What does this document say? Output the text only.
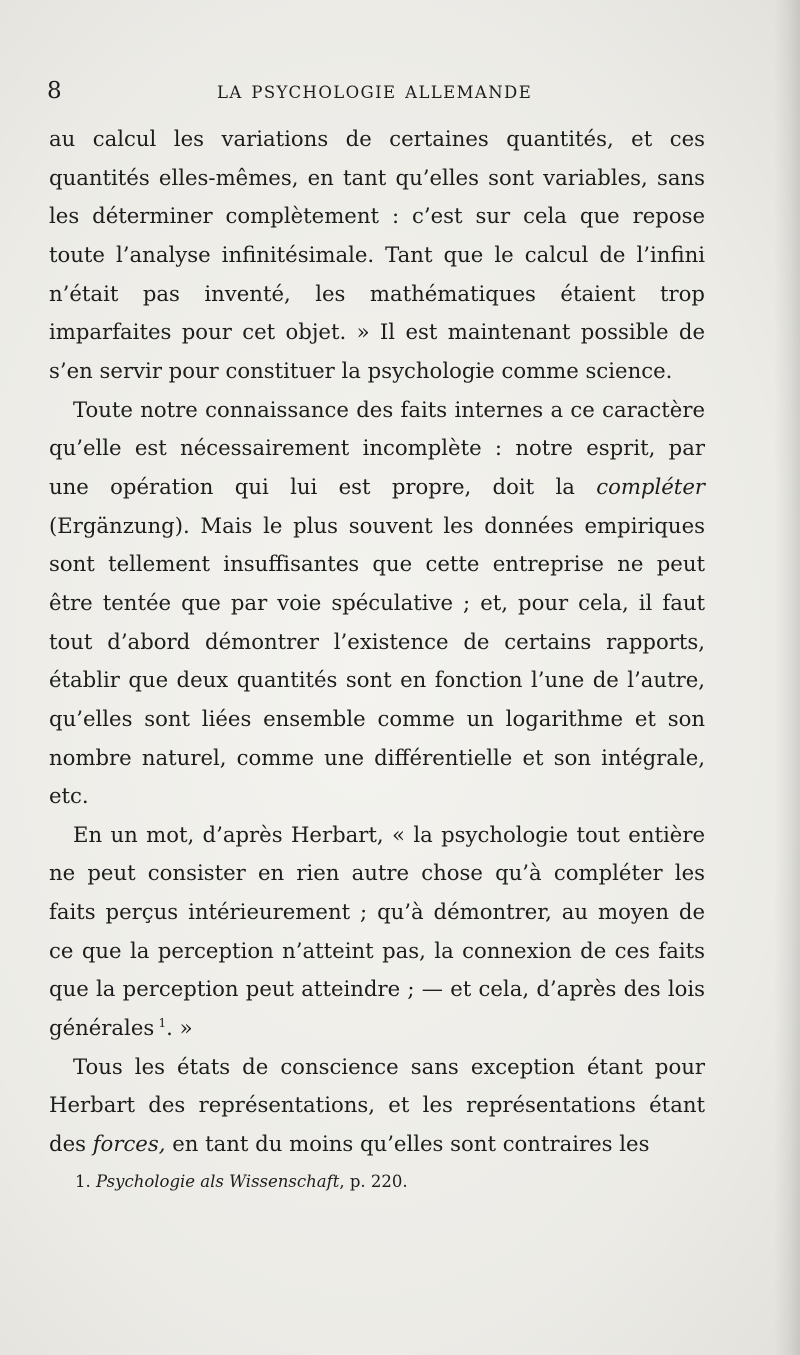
8	LA PSYCHOLOGIE ALLEMANDE

au calcul les variations de certaines quantités, et ces quantités elles-mêmes, en tant qu’elles sont variables, sans les déterminer complètement : c’est sur cela que repose toute l’analyse infinitésimale. Tant que le calcul de l’infini n’était pas inventé, les mathématiques étaient trop imparfaites pour cet objet. » Il est maintenant possible de s’en servir pour constituer la psychologie comme science.

Toute notre connaissance des faits internes a ce caractère qu’elle est nécessairement incomplète : notre esprit, par une opération qui lui est propre, doit la compléter (Ergänzung). Mais le plus souvent les données empiriques sont tellement insuffisantes que cette entreprise ne peut être tentée que par voie spéculative ; et, pour cela, il faut tout d’abord démontrer l’existence de certains rapports, établir que deux quantités sont en fonction l’une de l’autre, qu’elles sont liées ensemble comme un logarithme et son nombre naturel, comme une différentielle et son intégrale, etc.

En un mot, d’après Herbart, « la psychologie tout entière ne peut consister en rien autre chose qu’à compléter les faits perçus intérieurement ; qu’à démontrer, au moyen de ce que la perception n’atteint pas, la connexion de ces faits que la perception peut atteindre ; — et cela, d’après des lois générales  $^1$. »

Tous les états de conscience sans exception étant pour Herbart des représentations, et les représentations étant des forces, en tant du moins qu’elles sont contraires les

1. Psychologie als Wissenschaft, p. 220.
